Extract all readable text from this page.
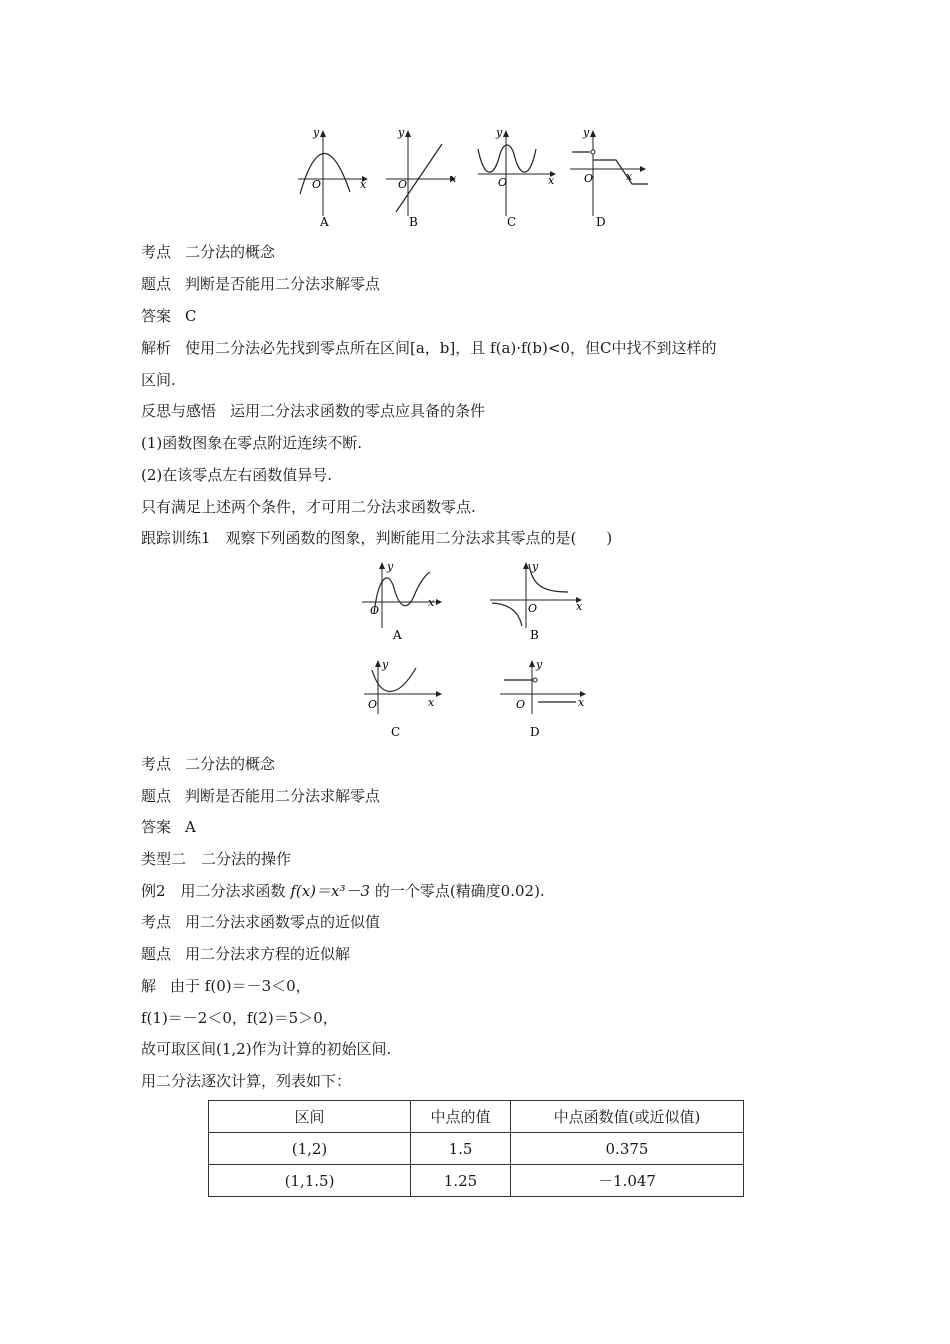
y
O	x
A
y
O	x
B
y
O	x
C
y
O	x
D
考点 二分法的概念
题点 判断是否能用二分法求解零点
答案 C
解析 使用二分法必先找到零点所在区间[a，b]，且 f(a)·f(b)<0，但C中找不到这样的
区间.
反思与感悟 运用二分法求函数的零点应具备的条件
(1)函数图象在零点附近连续不断.
(2)在该零点左右函数值异号.
只有满足上述两个条件，才可用二分法求函数零点.
跟踪训练1　观察下列函数的图象，判断能用二分法求其零点的是(　　)
y
O
x
A
y
O	x
B
y
O	x
C
y
O	x
D
考点 二分法的概念
题点 判断是否能用二分法求解零点
答案 A
类型二　二分法的操作
例2　用二分法求函数 f(x)＝x³－3 的一个零点(精确度0.02).
考点 用二分法求函数零点的近似值
题点 用二分法求方程的近似解
解 由于 f(0)＝－3＜0，
f(1)＝－2＜0，f(2)＝5＞0，
故可取区间(1,2)作为计算的初始区间.
用二分法逐次计算，列表如下：
区间	中点的值	中点函数值(或近似值)
(1,2)	1.5	0.375
(1,1.5)	1.25	－1.047
